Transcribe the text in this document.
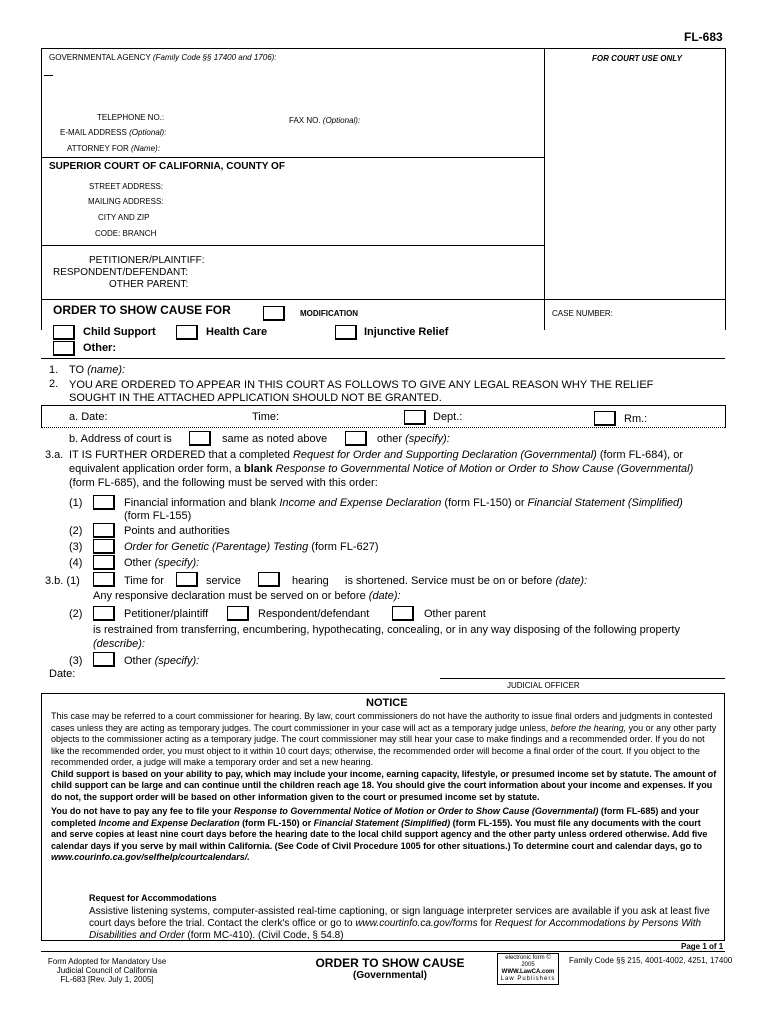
FL-683
GOVERNMENTAL AGENCY (Family Code §§ 17400 and 1706):	FOR COURT USE ONLY
TELEPHONE NO.:	FAX NO. (Optional):
E-MAIL ADDRESS (Optional):
ATTORNEY FOR (Name):
SUPERIOR COURT OF CALIFORNIA, COUNTY OF
STREET ADDRESS:
MAILING ADDRESS:
CITY AND ZIP
CODE: BRANCH
PETITIONER/PLAINTIFF:
RESPONDENT/DEFENDANT:
OTHER PARENT:
ORDER TO SHOW CAUSE FOR	MODIFICATION	CASE NUMBER:
Child Support	Health Care	Injunctive Relief
Other:
1. TO (name):
2. YOU ARE ORDERED TO APPEAR IN THIS COURT AS FOLLOWS TO GIVE ANY LEGAL REASON WHY THE RELIEF
SOUGHT IN THE ATTACHED APPLICATION SHOULD NOT BE GRANTED.
a. Date:	Time:	Dept.:	Rm.:
b. Address of court is	same as noted above	other (specify):
3.a. IT IS FURTHER ORDERED that a completed Request for Order and Supporting Declaration (Governmental) (form FL-684), or
equivalent application order form, a blank Response to Governmental Notice of Motion or Order to Show Cause (Governmental)
(form FL-685), and the following must be served with this order:
(1)	Financial information and blank Income and Expense Declaration (form FL-150) or Financial Statement (Simplified)
(form FL-155)
(2)	Points and authorities
(3)	Order for Genetic (Parentage) Testing (form FL-627)
(4)	Other (specify):
3.b. (1)	Time for	service	hearing is shortened. Service must be on or before (date):
Any responsive declaration must be served on or before (date):
(2)	Petitioner/plaintiff	Respondent/defendant	Other parent
is restrained from transferring, encumbering, hypothecating, concealing, or in any way disposing of the following property
(describe):
(3)	Other (specify):
Date:
JUDICIAL OFFICER
NOTICE

This case may be referred to a court commissioner for hearing. By law, court commissioners do not have the authority to issue final orders and judgments in contested cases unless they are acting as temporary judges. The court commissioner in your case will act as a temporary judge unless, before the hearing, you or any other party objects to the commissioner acting as a temporary judge. The court commissioner may still hear your case to make findings and a recommended order. If you do not like the recommended order, you must object to it within 10 court days; otherwise, the recommended order will become a final order of the court. If you object to the recommended order, a judge will make a temporary order and set a new hearing.

Child support is based on your ability to pay, which may include your income, earning capacity, lifestyle, or presumed income set by statute. The amount of child support can be large and can continue until the children reach age 18. You should give the court information about your income and expenses. If you do not, the support order will be based on other information given to the court or presumed income set by statute.

You do not have to pay any fee to file your Response to Governmental Notice of Motion or Order to Show Cause (Governmental) (form FL-685) and your completed Income and Expense Declaration (form FL-150) or Financial Statement (Simplified) (form FL-155). You must file any documents with the court and serve copies at least nine court days before the hearing date to the local child support agency and the other party unless ordered otherwise. Add five calendar days if you serve by mail within California. (See Code of Civil Procedure 1005 for other situations.) To determine court and calendar days, go to www.courinfo.ca.gov/selfhelp/courtcalendars/.

Request for Accommodations
Assistive listening systems, computer-assisted real-time captioning, or sign language interpreter services are available if you ask at least five
court days before the trial. Contact the clerk's office or go to www.courtinfo.ca.gov/forms for Request for Accommodations by Persons With
Disabilities and Order (form MC-410). (Civil Code, § 54.8)
Page 1 of 1
Form Adopted for Mandatory Use
Judicial Council of California
FL-683 [Rev. July 1, 2005]
ORDER TO SHOW CAUSE
(Governmental)
electronic form © 2005
WWW.LawCA.com
Law Publishers
Family Code §§ 215, 4001-4002, 4251, 17400
